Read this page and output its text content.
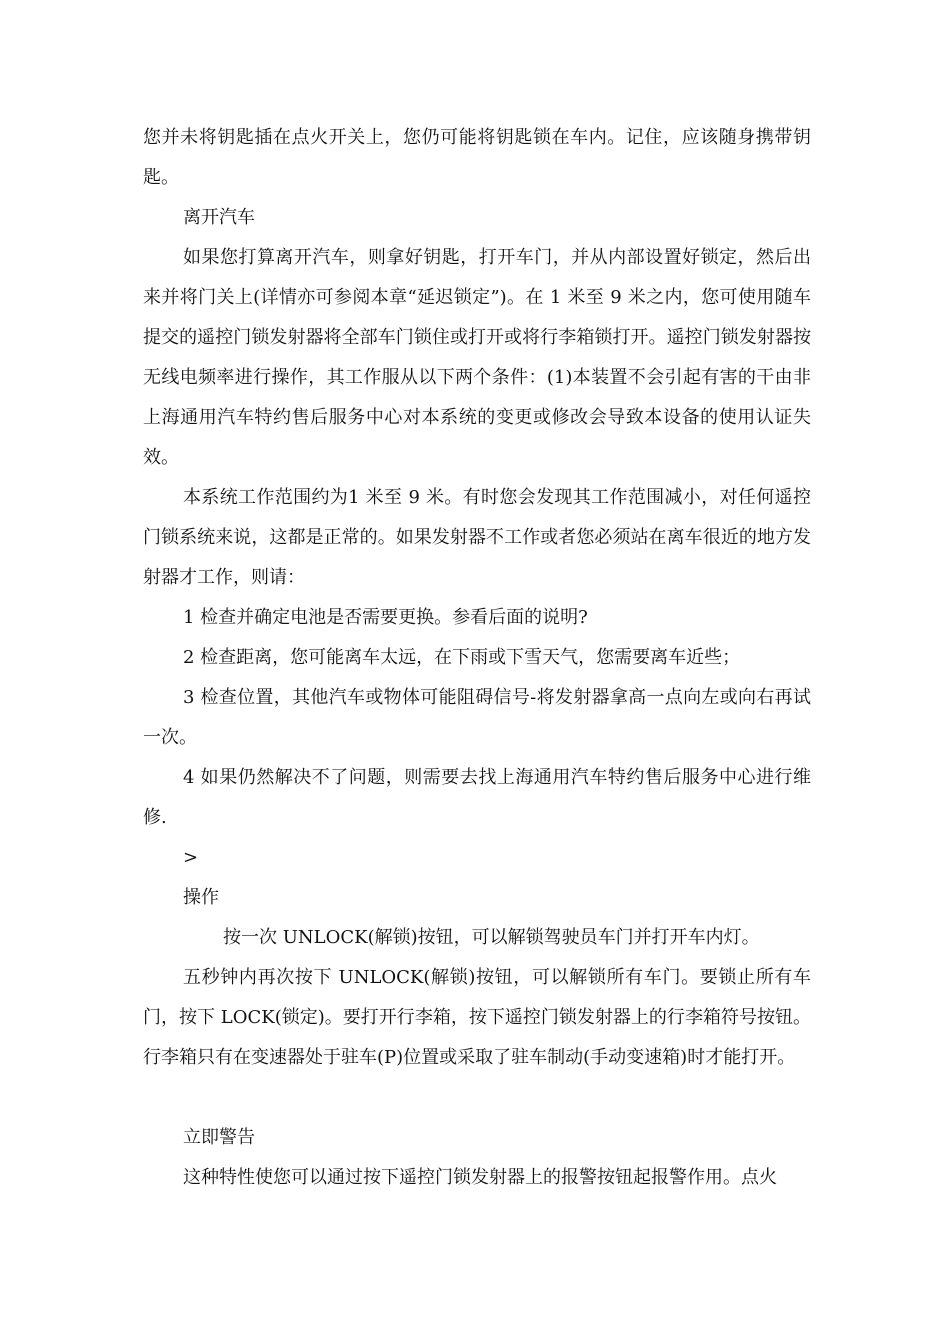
您并未将钥匙插在点火开关上，您仍可能将钥匙锁在车内。记住，应该随身携带钥匙。

离开汽车

如果您打算离开汽车，则拿好钥匙，打开车门，并从内部设置好锁定，然后出来并将门关上(详情亦可参阅本章“延迟锁定”)。在 1 米至 9 米之内，您可使用随车提交的遥控门锁发射器将全部车门锁住或打开或将行李箱锁打开。遥控门锁发射器按无线电频率进行操作，其工作服从以下两个条件：(1)本装置不会引起有害的干由非上海通用汽车特约售后服务中心对本系统的变更或修改会导致本设备的使用认证失效。

本系统工作范围约为1 米至 9 米。有时您会发现其工作范围减小，对任何遥控门锁系统来说，这都是正常的。如果发射器不工作或者您必须站在离车很近的地方发射器才工作，则请：

1 检查并确定电池是否需要更换。参看后面的说明?

2 检查距离，您可能离车太远，在下雨或下雪天气，您需要离车近些；

3 检查位置，其他汽车或物体可能阻碍信号-将发射器拿高一点向左或向右再试一次。

4 如果仍然解决不了问题，则需要去找上海通用汽车特约售后服务中心进行维修.

>

操作

按一次 UNLOCK(解锁)按钮，可以解锁驾驶员车门并打开车内灯。

五秒钟内再次按下 UNLOCK(解锁)按钮，可以解锁所有车门。要锁止所有车门，按下 LOCK(锁定)。要打开行李箱，按下遥控门锁发射器上的行李箱符号按钮。行李箱只有在变速器处于驻车(P)位置或采取了驻车制动(手动变速箱)时才能打开。

立即警告

这种特性使您可以通过按下遥控门锁发射器上的报警按钮起报警作用。点火
